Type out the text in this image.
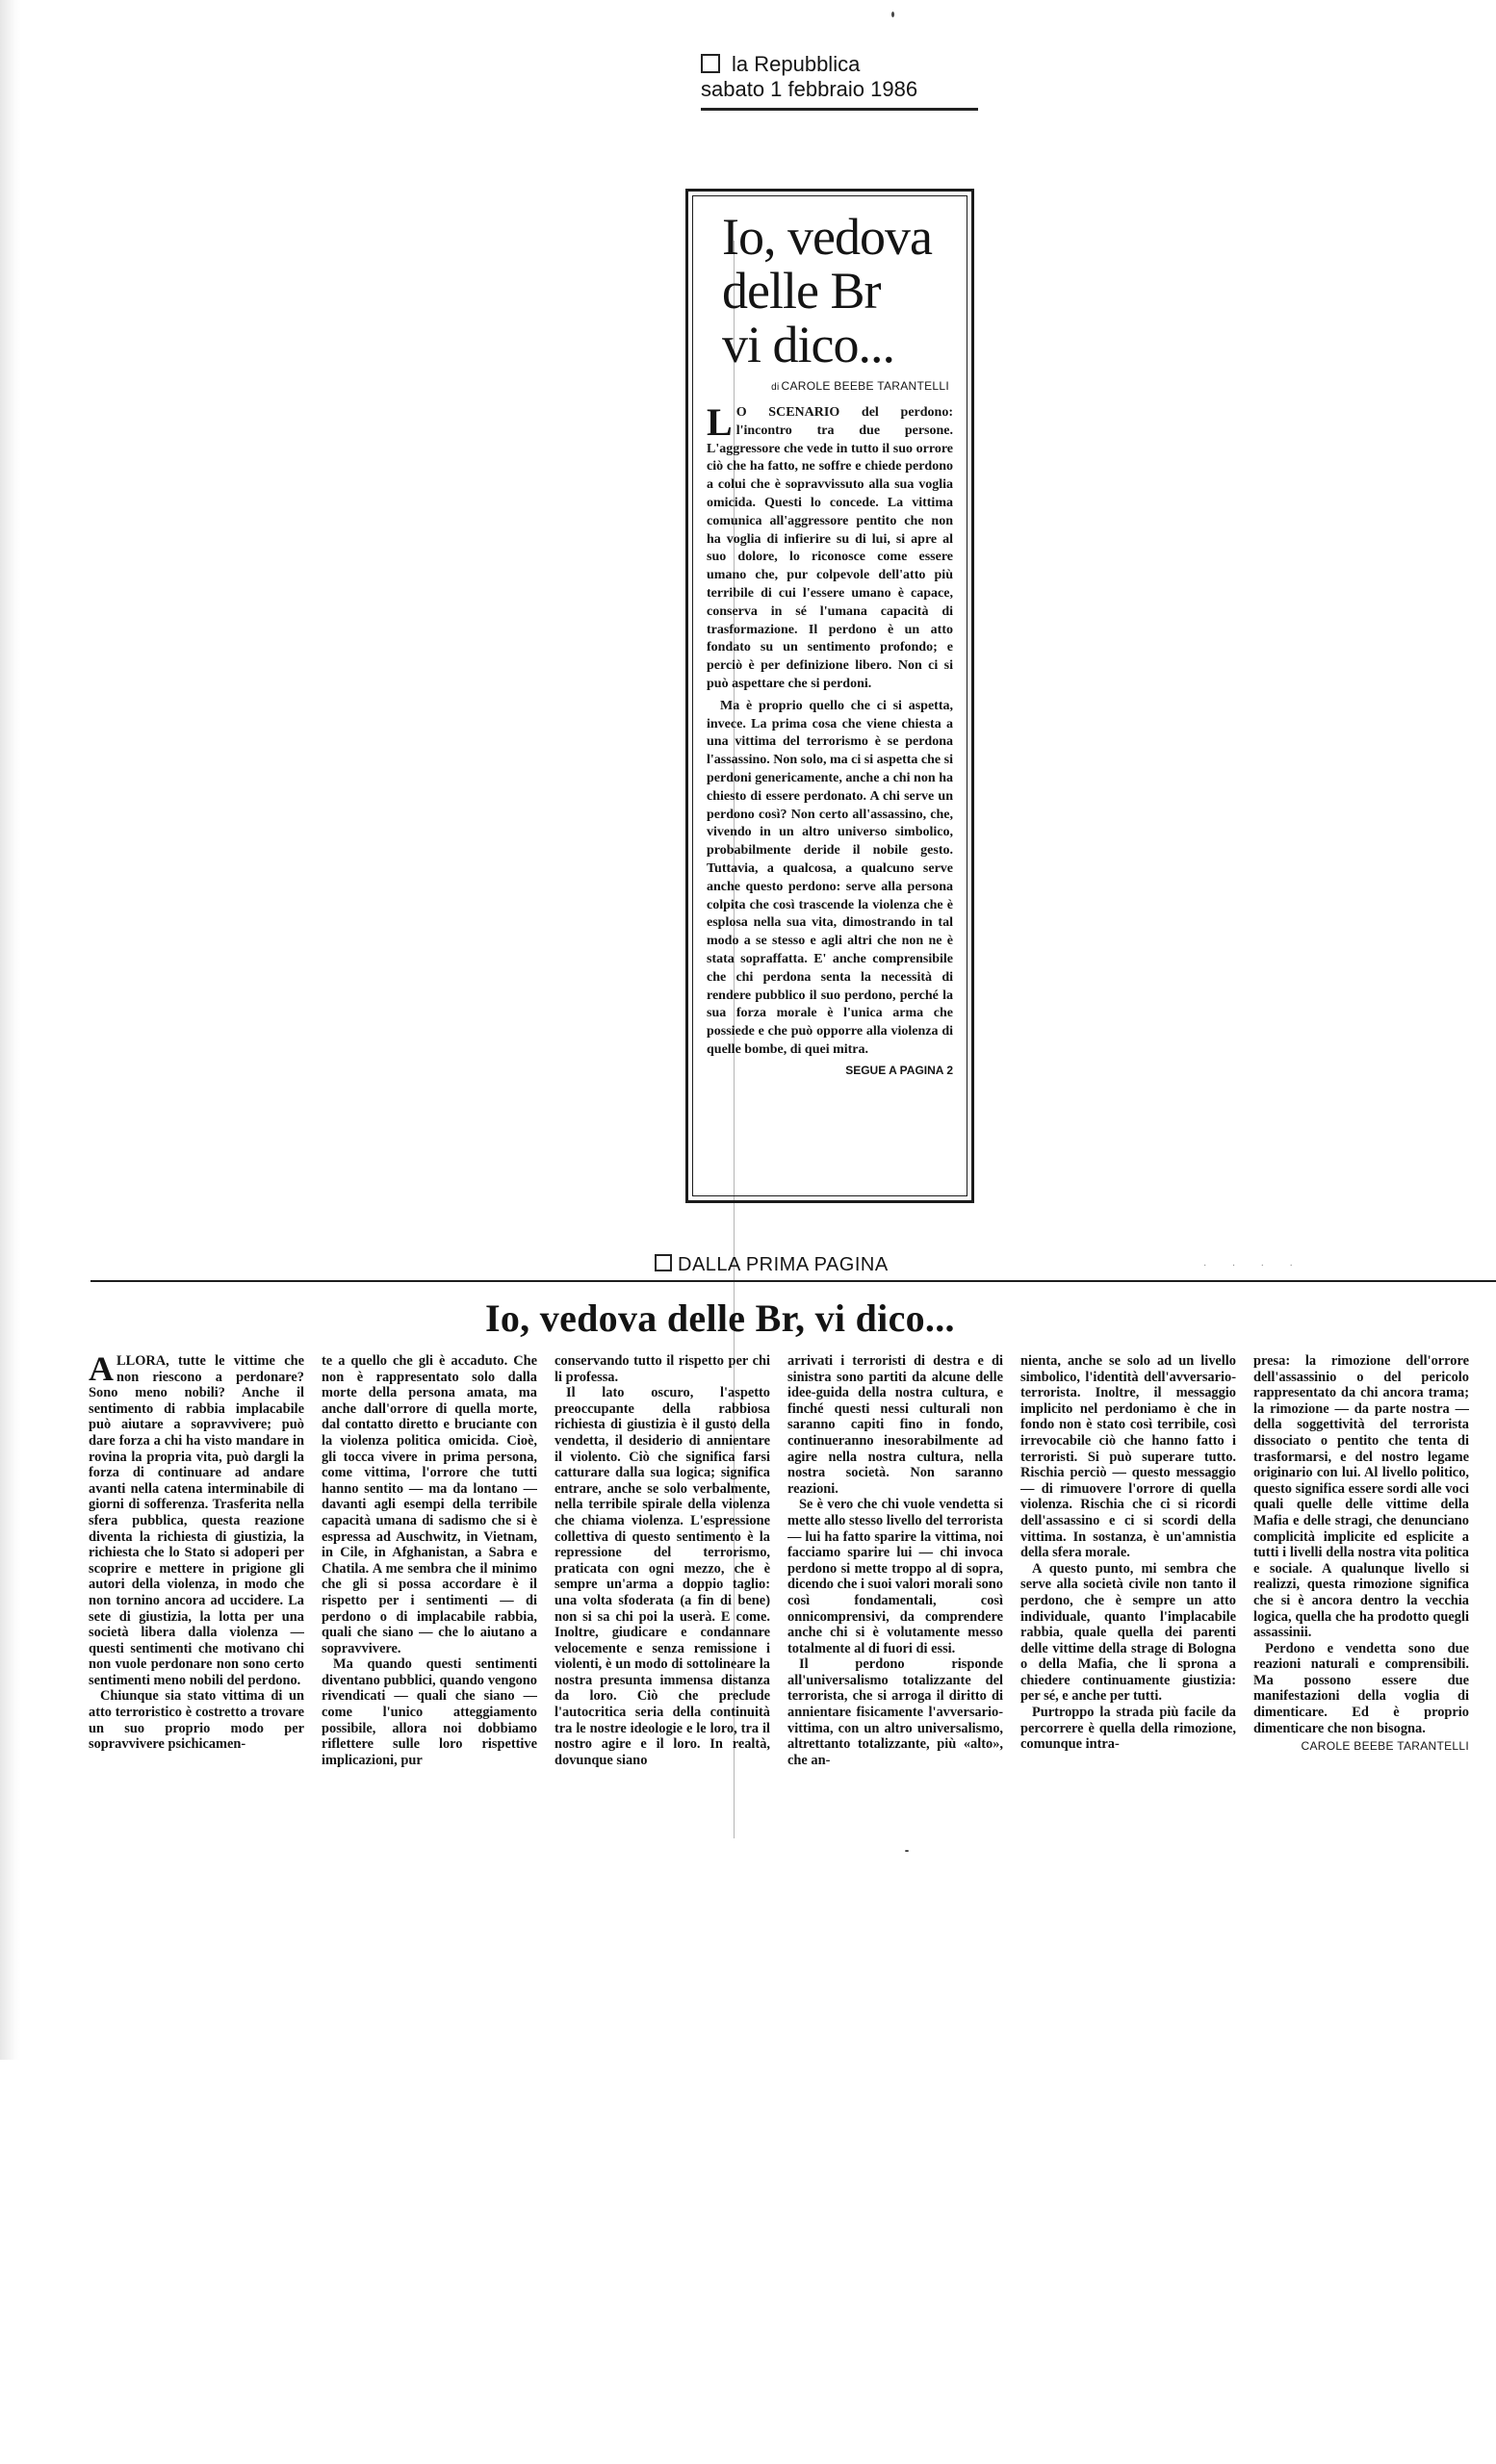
la Repubblica
sabato 1 febbraio 1986
Io, vedova
delle Br
vi dico...
di CAROLE BEEBE TARANTELLI

L O SCENARIO del perdono: l'incontro tra due persone. L'aggressore che vede in tutto il suo orrore ciò che ha fatto, ne soffre e chiede perdono a colui che è sopravvissuto alla sua voglia omicida. Questi lo concede. La vittima comunica all'aggressore pentito che non ha voglia di infierire su di lui, si apre al suo dolore, lo riconosce come essere umano che, pur colpevole dell'atto più terribile di cui l'essere umano è capace, conserva in sé l'umana capacità di trasformazione. Il perdono è un atto fondato su un sentimento profondo; e perciò è per definizione libero. Non ci si può aspettare che si perdoni.

Ma è proprio quello che ci si aspetta, invece. La prima cosa che viene chiesta a una vittima del terrorismo è se perdona l'assassino. Non solo, ma ci si aspetta che si perdoni genericamente, anche a chi non ha chiesto di essere perdonato. A chi serve un perdono così? Non certo all'assassino, che, vivendo in un altro universo simbolico, probabilmente deride il nobile gesto. Tuttavia, a qualcosa, a qualcuno serve anche questo perdono: serve alla persona colpita che così trascende la violenza che è esplosa nella sua vita, dimostrando in tal modo a se stesso e agli altri che non ne è stata sopraffatta. E' anche comprensibile che chi perdona senta la necessità di rendere pubblico il suo perdono, perché la sua forza morale è l'unica arma che possiede e che può opporre alla violenza di quelle bombe, di quei mitra.

SEGUE A PAGINA 2
DALLA PRIMA PAGINA	· · · ·
Io, vedova delle Br, vi dico...

ALLORA, tutte le vittime che non riescono a perdonare? Sono meno nobili? Anche il sentimento di rabbia implacabile può aiutare a sopravvivere; può dare forza a chi ha visto mandare in rovina la propria vita, può dargli la forza di continuare ad andare avanti nella catena interminabile di giorni di sofferenza. Trasferita nella sfera pubblica, questa reazione diventa la richiesta di giustizia, la richiesta che lo Stato si adoperi per scoprire e mettere in prigione gli autori della violenza, in modo che non tornino ancora ad uccidere. La sete di giustizia, la lotta per una società libera dalla violenza — questi sentimenti che motivano chi non vuole perdonare non sono certo sentimenti meno nobili del perdono.

Chiunque sia stato vittima di un atto terroristico è costretto a trovare un suo proprio modo per sopravvivere psichicamen-

te a quello che gli è accaduto. Che non è rappresentato solo dalla morte della persona amata, ma anche dall'orrore di quella morte, dal contatto diretto e bruciante con la violenza politica omicida. Cioè, gli tocca vivere in prima persona, come vittima, l'orrore che tutti hanno sentito — ma da lontano — davanti agli esempi della terribile capacità umana di sadismo che si è espressa ad Auschwitz, in Vietnam, in Cile, in Afghanistan, a Sabra e Chatila. A me sembra che il minimo che gli si possa accordare è il rispetto per i sentimenti — di perdono o di implacabile rabbia, quali che siano — che lo aiutano a sopravvivere.

Ma quando questi sentimenti diventano pubblici, quando vengono rivendicati — quali che siano — come l'unico atteggiamento possibile, allora noi dobbiamo riflettere sulle loro rispettive implicazioni, pur

conservando tutto il rispetto per chi li professa.

Il lato oscuro, l'aspetto preoccupante della rabbiosa richiesta di giustizia è il gusto della vendetta, il desiderio di annientare il violento. Ciò che significa farsi catturare dalla sua logica; significa entrare, anche se solo verbalmente, nella terribile spirale della violenza che chiama violenza. L'espressione collettiva di questo sentimento è la repressione del terrorismo, praticata con ogni mezzo, che è sempre un'arma a doppio taglio: una volta sfoderata (a fin di bene) non si sa chi poi la userà. E come. Inoltre, giudicare e condannare velocemente e senza remissione i violenti, è un modo di sottolineare la nostra presunta immensa distanza da loro. Ciò che preclude l'autocritica seria della continuità tra le nostre ideologie e le loro, tra il nostro agire e il loro. In realtà, dovunque siano

arrivati i terroristi di destra e di sinistra sono partiti da alcune delle idee-guida della nostra cultura, e finché questi nessi culturali non saranno capiti fino in fondo, continueranno inesorabilmente ad agire nella nostra cultura, nella nostra società. Non saranno reazioni.

Se è vero che chi vuole vendetta si mette allo stesso livello del terrorista — lui ha fatto sparire la vittima, noi facciamo sparire lui — chi invoca perdono si mette troppo al di sopra, dicendo che i suoi valori morali sono così fondamentali, così onnicomprensivi, da comprendere anche chi si è volutamente messo totalmente al di fuori di essi.

Il perdono risponde all'universalismo totalizzante del terrorista, che si arroga il diritto di annientare fisicamente l'avversario-vittima, con un altro universalismo, altrettanto totalizzante, più «alto», che an-

nienta, anche se solo ad un livello simbolico, l'identità dell'avversario-terrorista. Inoltre, il messaggio implicito nel perdoniamo è che in fondo non è stato così terribile, così irrevocabile ciò che hanno fatto i terroristi. Si può superare tutto. Rischia perciò — questo messaggio — di rimuovere l'orrore di quella violenza. Rischia che ci si ricordi dell'assassino e ci si scordi della vittima. In sostanza, è un'amnistia della sfera morale.

A questo punto, mi sembra che serve alla società civile non tanto il perdono, che è sempre un atto individuale, quanto l'implacabile rabbia, quale quella dei parenti delle vittime della strage di Bologna o della Mafia, che li sprona a chiedere continuamente giustizia: per sé, e anche per tutti.

Purtroppo la strada più facile da percorrere è quella della rimozione, comunque intra-

presa: la rimozione dell'orrore dell'assassinio o del pericolo rappresentato da chi ancora trama; la rimozione — da parte nostra — della soggettività del terrorista dissociato o pentito che tenta di trasformarsi, e del nostro legame originario con lui. Al livello politico, questo significa essere sordi alle voci quali quelle delle vittime della Mafia e delle stragi, che denunciano complicità implicite ed esplicite a tutti i livelli della nostra vita politica e sociale. A qualunque livello si realizzi, questa rimozione significa che si è ancora dentro la vecchia logica, quella che ha prodotto quegli assassinii.

Perdono e vendetta sono due reazioni naturali e comprensibili. Ma possono essere due manifestazioni della voglia di dimenticare. Ed è proprio dimenticare che non bisogna.

CAROLE BEEBE TARANTELLI
